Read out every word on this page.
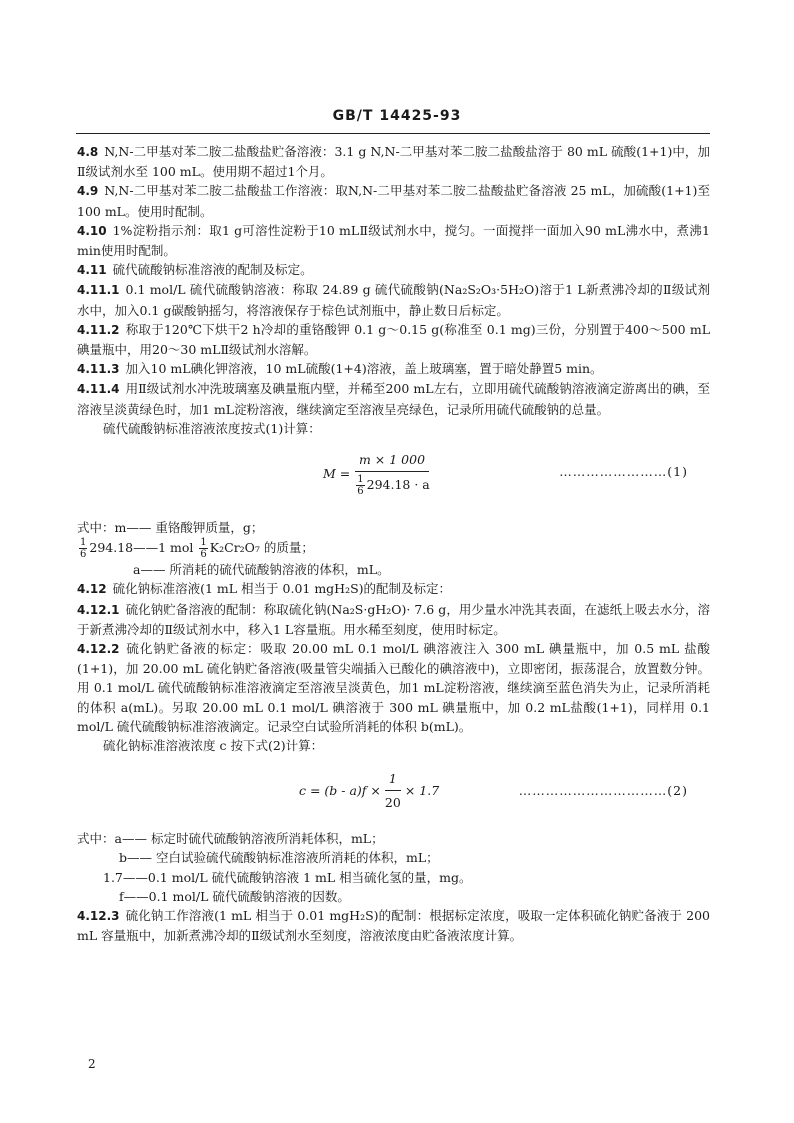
GB/T 14425-93

4.8 N,N-二甲基对苯二胺二盐酸盐贮备溶液：3.1 g N,N-二甲基对苯二胺二盐酸盐溶于 80 mL 硫酸(1+1)中，加Ⅱ级试剂水至 100 mL。使用期不超过1个月。

4.9 N,N-二甲基对苯二胺二盐酸盐工作溶液：取N,N-二甲基对苯二胺二盐酸盐贮备溶液 25 mL，加硫酸(1+1)至 100 mL。使用时配制。

4.10 1%淀粉指示剂：取1 g可溶性淀粉于10 mLⅡ级试剂水中，搅匀。一面搅拌一面加入90 mL沸水中，煮沸1 min使用时配制。

4.11 硫代硫酸钠标准溶液的配制及标定。

4.11.1 0.1 mol/L 硫代硫酸钠溶液：称取 24.89 g 硫代硫酸钠(Na₂S₂O₃·5H₂O)溶于1 L新煮沸冷却的Ⅱ级试剂水中，加入0.1 g碳酸钠摇匀，将溶液保存于棕色试剂瓶中，静止数日后标定。

4.11.2 称取于120℃下烘干2 h冷却的重铬酸钾 0.1 g～0.15 g(称准至 0.1 mg)三份，分别置于400～500 mL碘量瓶中，用20～30 mLⅡ级试剂水溶解。

4.11.3 加入10 mL碘化钾溶液，10 mL硫酸(1+4)溶液，盖上玻璃塞，置于暗处静置5 min。

4.11.4 用Ⅱ级试剂水冲洗玻璃塞及碘量瓶内壁，并稀至200 mL左右，立即用硫代硫酸钠溶液滴定游离出的碘，至溶液呈淡黄绿色时，加1 mL淀粉溶液，继续滴定至溶液呈亮绿色，记录所用硫代硫酸钠的总量。

硫代硫酸钠标准溶液浓度按式(1)计算：

$M = \frac{m \times 1 000}{\frac{1}{6} 294.18 \cdot a}$	……………………(1)

式中：m—— 重铬酸钾质量，g；

$\frac{1}{6}$ 294.18——1 mol $\frac{1}{6} K_2Cr_2O_7$ 的质量；

a—— 所消耗的硫代硫酸钠溶液的体积，mL。

4.12 硫化钠标准溶液(1 mL 相当于 0.01 mgH₂S)的配制及标定：

4.12.1 硫化钠贮备溶液的配制：称取硫化钠(Na₂S·gH₂O)· 7.6 g，用少量水冲洗其表面，在滤纸上吸去水分，溶于新煮沸冷却的Ⅱ级试剂水中，移入1 L容量瓶。用水稀至刻度，使用时标定。

4.12.2 硫化钠贮备液的标定：吸取 20.00 mL 0.1 mol/L 碘溶液注入 300 mL 碘量瓶中，加 0.5 mL 盐酸(1+1)，加 20.00 mL 硫化钠贮备溶液(吸量管尖端插入已酸化的碘溶液中)，立即密闭，振荡混合，放置数分钟。用 0.1 mol/L 硫代硫酸钠标准溶液滴定至溶液呈淡黄色，加1 mL淀粉溶液，继续滴至蓝色消失为止，记录所消耗的体积 a(mL)。另取 20.00 mL 0.1 mol/L 碘溶液于 300 mL 碘量瓶中，加 0.2 mL盐酸(1+1)，同样用 0.1 mol/L 硫代硫酸钠标准溶液滴定。记录空白试验所消耗的体积 b(mL)。

硫化钠标准溶液浓度 c 按下式(2)计算：

$c = (b - a)f \times \frac{1}{20} \times 1.7$	……………………………(2)

式中：a—— 标定时硫代硫酸钠溶液所消耗体积，mL；

b—— 空白试验硫代硫酸钠标准溶液所消耗的体积，mL；

1.7——0.1 mol/L 硫代硫酸钠溶液 1 mL 相当硫化氢的量，mg。

f——0.1 mol/L 硫代硫酸钠溶液的因数。

4.12.3 硫化钠工作溶液(1 mL 相当于 0.01 mgH₂S)的配制：根据标定浓度，吸取一定体积硫化钠贮备液于 200 mL 容量瓶中，加新煮沸冷却的Ⅱ级试剂水至刻度，溶液浓度由贮备液浓度计算。

2
